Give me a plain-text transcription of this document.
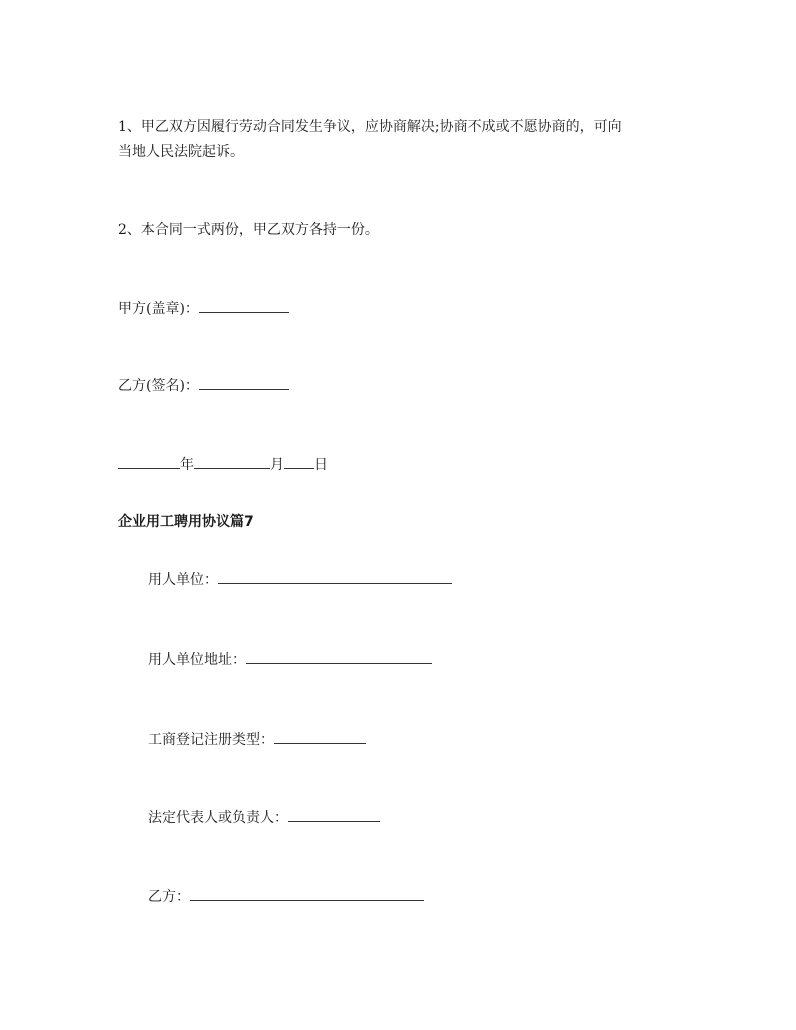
1、甲乙双方因履行劳动合同发生争议，应协商解决;协商不成或不愿协商的，可向
当地人民法院起诉。
2、本合同一式两份，甲乙双方各持一份。
甲方(盖章)：
乙方(签名)：
年	月 日
企业用工聘用协议篇7
用人单位：
用人单位地址：
工商登记注册类型：
法定代表人或负责人：
乙方：
